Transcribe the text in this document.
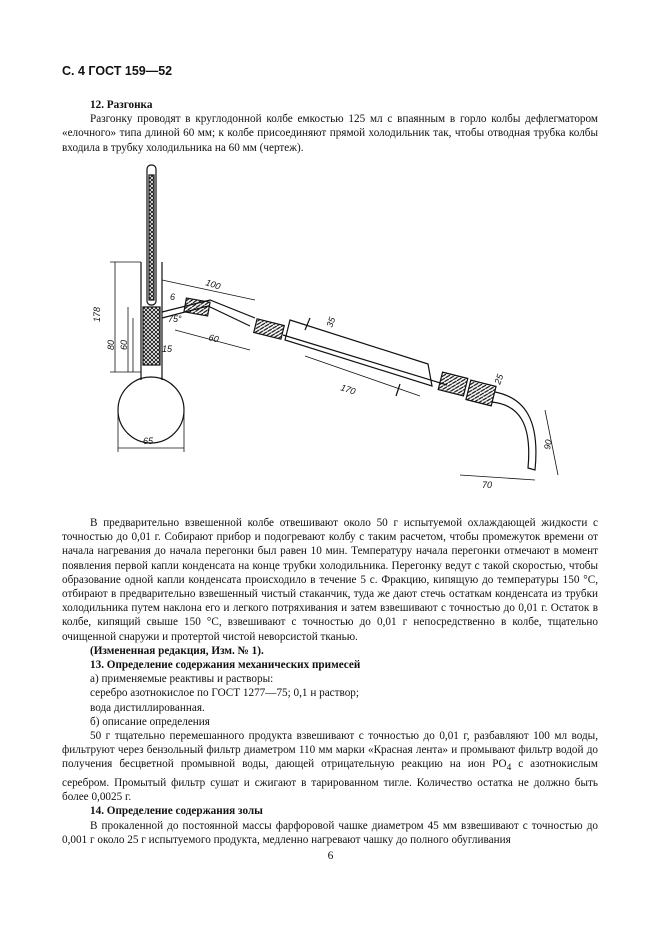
С. 4 ГОСТ 159—52

12. Разгонка

Разгонку проводят в круглодонной колбе емкостью 125 мл с впаянным в горло колбы дефлегматором «елочного» типа длиной 60 мм; к колбе присоединяют прямой холодильник так, чтобы отводная трубка колбы входила в трубку холодильника на 60 мм (чертеж).

178
80 60	15
65
100
6
75°
60
35
170
25
90
70

В предварительно взвешенной колбе отвешивают около 50 г испытуемой охлаждающей жидкости с точностью до 0,01 г. Собирают прибор и подогревают колбу с таким расчетом, чтобы промежуток времени от начала нагревания до начала перегонки был равен 10 мин. Температуру начала перегонки отмечают в момент появления первой капли конденсата на конце трубки холодильника. Перегонку ведут с такой скоростью, чтобы образование одной капли конденсата происходило в течение 5 с. Фракцию, кипящую до температуры 150 °С, отбирают в предварительно взвешенный чистый стаканчик, туда же дают стечь остаткам конденсата из трубки холодильника путем наклона его и легкого потряхивания и затем взвешивают с точностью до 0,01 г. Остаток в колбе, кипящий свыше 150 °С, взвешивают с точностью до 0,01 г непосредственно в колбе, тщательно очищенной снаружи и протертой чистой неворсистой тканью.

(Измененная редакция, Изм. № 1).

13. Определение содержания механических примесей

а) применяемые реактивы и растворы:

серебро азотнокислое по ГОСТ 1277—75; 0,1 н раствор;

вода дистиллированная.

б) описание определения

50 г тщательно перемешанного продукта взвешивают с точностью до 0,01 г, разбавляют 100 мл воды, фильтруют через бензольный фильтр диаметром 110 мм марки «Красная лента» и промывают фильтр водой до получения бесцветной промывной воды, дающей отрицательную реакцию на ион $PO_4$ с азотнокислым серебром. Промытый фильтр сушат и сжигают в тарированном тигле. Количество остатка не должно быть более 0,0025 г.

14. Определение содержания золы

В прокаленной до постоянной массы фарфоровой чашке диаметром 45 мм взвешивают с точностью до 0,001 г около 25 г испытуемого продукта, медленно нагревают чашку до полного обугливания

6
